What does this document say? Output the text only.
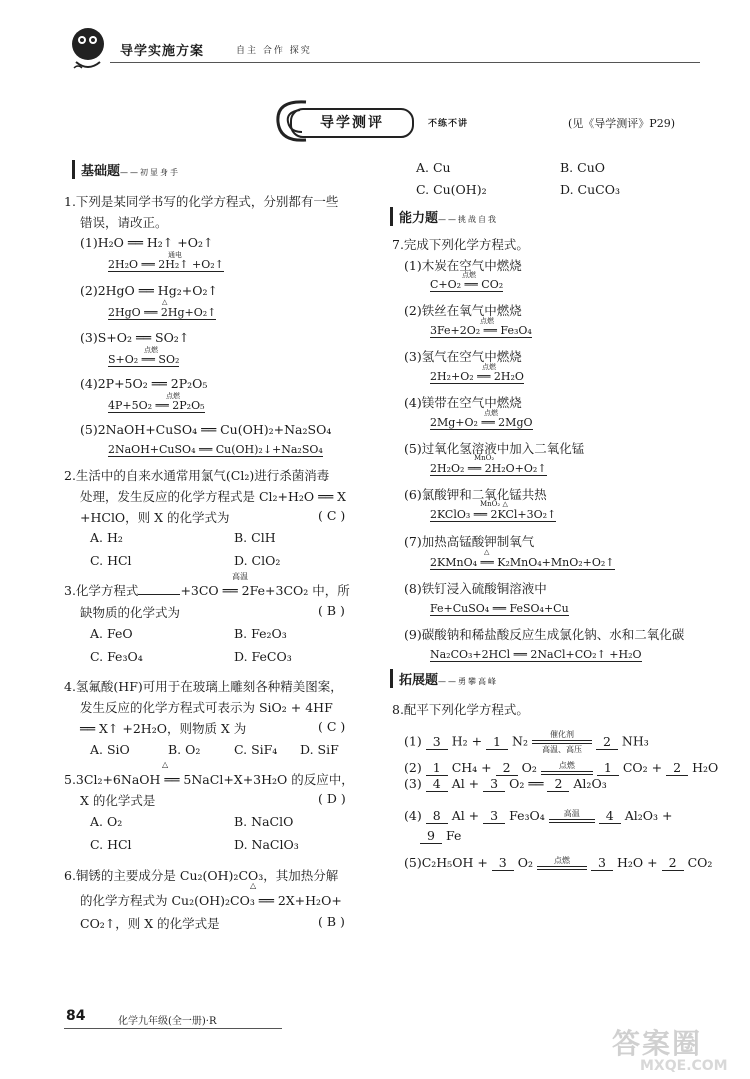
导学实施方案	自主 合作 探究
导学测评	不练不讲	(见《导学测评》P29)
基础题——初显身手
1.下列是某同学书写的化学方程式，分别都有一些
错误，请改正。
(1)H₂O ══ H₂↑ +O₂↑
2H₂O ══ 2H₂↑ +O₂↑
通电
(2)2HgO ══ Hg₂+O₂↑
2HgO ══ 2Hg+O₂↑
△
(3)S+O₂ ══ SO₂↑
S+O₂ ══ SO₂
点燃
(4)2P+5O₂ ══ 2P₂O₅
4P+5O₂ ══ 2P₂O₅
点燃
(5)2NaOH+CuSO₄ ══ Cu(OH)₂+Na₂SO₄
2NaOH+CuSO₄ ══ Cu(OH)₂↓+Na₂SO₄
2.生活中的自来水通常用氯气(Cl₂)进行杀菌消毒
处理，发生反应的化学方程式是 Cl₂+H₂O ══ X
+HClO，则 X 的化学式为	( C )
A. H₂	B. ClH
C. HCl	D. ClO₂
3.化学方程式	+3CO ══ 2Fe+3CO₂ 中，所
高温
缺物质的化学式为	( B )
A. FeO	B. Fe₂O₃
C. Fe₃O₄	D. FeCO₃
4.氢氟酸(HF)可用于在玻璃上雕刻各种精美图案，
发生反应的化学方程式可表示为 SiO₂ + 4HF
══ X↑ +2H₂O，则物质 X 为	( C )
A. SiO	B. O₂	C. SiF₄ D. SiF
5.3Cl₂+6NaOH ══ 5NaCl+X+3H₂O 的反应中，
△
X 的化学式是	( D )
A. O₂	B. NaClO
C. HCl	D. NaClO₃
6.铜锈的主要成分是 Cu₂(OH)₂CO₃，其加热分解
的化学方程式为 Cu₂(OH)₂CO₃ ══ 2X+H₂O+
△
CO₂↑，则 X 的化学式是	( B )
A. Cu	B. CuO
C. Cu(OH)₂	D. CuCO₃
能力题——挑战自我
7.完成下列化学方程式。
(1)木炭在空气中燃烧
C+O₂ ══ CO₂
点燃
(2)铁丝在氧气中燃烧
3Fe+2O₂ ══ Fe₃O₄
点燃
(3)氢气在空气中燃烧
2H₂+O₂ ══ 2H₂O
点燃
(4)镁带在空气中燃烧
2Mg+O₂ ══ 2MgO
点燃
(5)过氧化氢溶液中加入二氧化锰
2H₂O₂ ══ 2H₂O+O₂↑
MnO₂
(6)氯酸钾和二氧化锰共热
2KClO₃ ══ 2KCl+3O₂↑
MnO₂ △
(7)加热高锰酸钾制氧气
2KMnO₄ ══ K₂MnO₄+MnO₂+O₂↑
△
(8)铁钉浸入硫酸铜溶液中
Fe+CuSO₄ ══ FeSO₄+Cu
(9)碳酸钠和稀盐酸反应生成氯化钠、水和二氧化碳
Na₂CO₃+2HCl ══ 2NaCl+CO₂↑ +H₂O
拓展题——勇攀高峰
8.配平下列化学方程式。
(1) 3 H₂ + 1 N₂	催化剂
高温、高压
2 NH₃
(2) 1 CH₄ + 2 O₂	点燃	1 CO₂ + 2 H₂O
(3) 4 Al + 3 O₂ ══ 2 Al₂O₃
(4) 8 Al + 3 Fe₃O₄	高温	4 Al₂O₃ +
9 Fe
(5)C₂H₅OH + 3 O₂	点燃	3 H₂O + 2 CO₂
84	化学九年级(全一册)·R
答案圈
MXQE.COM
